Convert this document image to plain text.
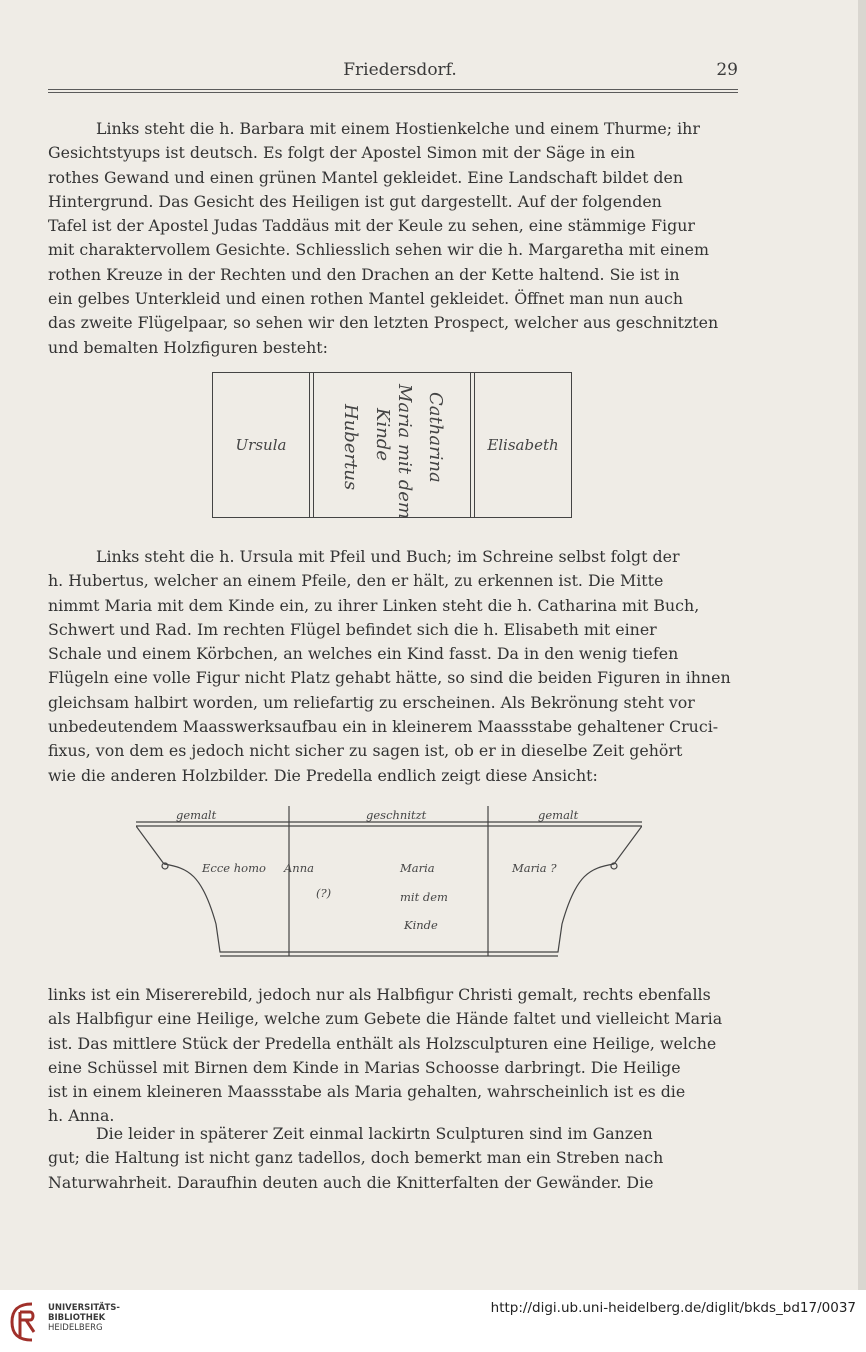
Friedersdorf.	29
Links steht die h. Barbara mit einem Hostienkelche und einem Thurme; ihr
Gesichtstyups ist deutsch. Es folgt der Apostel Simon mit der Säge in ein
rothes Gewand und einen grünen Mantel gekleidet. Eine Landschaft bildet den
Hintergrund. Das Gesicht des Heiligen ist gut dargestellt. Auf der folgenden
Tafel ist der Apostel Judas Taddäus mit der Keule zu sehen, eine stämmige Figur
mit charaktervollem Gesichte. Schliesslich sehen wir die h. Margaretha mit einem
rothen Kreuze in der Rechten und den Drachen an der Kette haltend. Sie ist in
ein gelbes Unterkleid und einen rothen Mantel gekleidet. Öffnet man nun auch
das zweite Flügelpaar, so sehen wir den letzten Prospect, welcher aus geschnitzten
und bemalten Holzfiguren besteht:
Ursula	Elisabeth
Catharina
Maria mit dem
Kinde
Hubertus
Links steht die h. Ursula mit Pfeil und Buch; im Schreine selbst folgt der
h. Hubertus, welcher an einem Pfeile, den er hält, zu erkennen ist. Die Mitte
nimmt Maria mit dem Kinde ein, zu ihrer Linken steht die h. Catharina mit Buch,
Schwert und Rad. Im rechten Flügel befindet sich die h. Elisabeth mit einer
Schale und einem Körbchen, an welches ein Kind fasst. Da in den wenig tiefen
Flügeln eine volle Figur nicht Platz gehabt hätte, so sind die beiden Figuren in ihnen
gleichsam halbirt worden, um reliefartig zu erscheinen. Als Bekrönung steht vor
unbedeutendem Maasswerksaufbau ein in kleinerem Maassstabe gehaltener Cruci-
fixus, von dem es jedoch nicht sicher zu sagen ist, ob er in dieselbe Zeit gehört
wie die anderen Holzbilder. Die Predella endlich zeigt diese Ansicht:
gemalt	geschnitzt	gemalt
Ecce homo Anna
(?)
Maria
mit dem
Kinde
Maria ?
links ist ein Misererebild, jedoch nur als Halbfigur Christi gemalt, rechts ebenfalls
als Halbfigur eine Heilige, welche zum Gebete die Hände faltet und vielleicht Maria
ist. Das mittlere Stück der Predella enthält als Holzsculpturen eine Heilige, welche
eine Schüssel mit Birnen dem Kinde in Marias Schoosse darbringt. Die Heilige
ist in einem kleineren Maassstabe als Maria gehalten, wahrscheinlich ist es die
h. Anna.
Die leider in späterer Zeit einmal lackirtn Sculpturen sind im Ganzen
gut; die Haltung ist nicht ganz tadellos, doch bemerkt man ein Streben nach
Naturwahrheit. Daraufhin deuten auch die Knitterfalten der Gewänder. Die
UNIVERSITÄTS-
BIBLIOTHEK
HEIDELBERG
http://digi.ub.uni-heidelberg.de/diglit/bkds_bd17/0037
